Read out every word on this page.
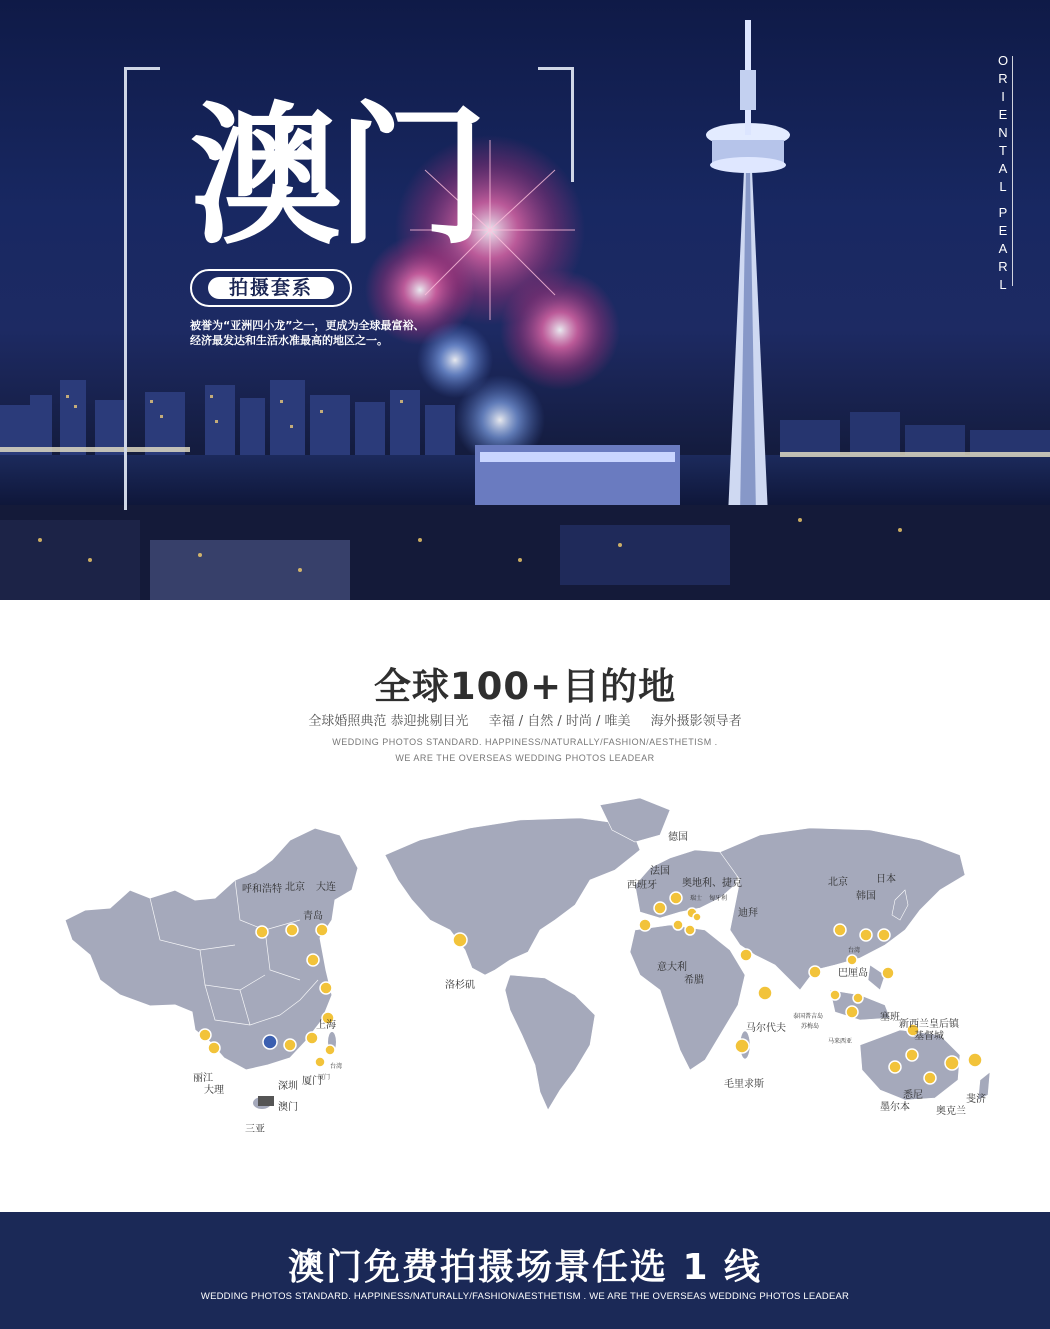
澳门
拍摄套系
被誉为“亚洲四小龙”之一，更成为全球最富裕、
经济最发达和生活水准最高的地区之一。
ORIENTAL
PEARL
全球100+目的地
全球婚照典范 恭迎挑剔目光 幸福 / 自然 / 时尚 / 唯美 海外摄影领导者
WEDDING PHOTOS STANDARD. HAPPINESS/NATURALLY/FASHION/AESTHETISM .
WE ARE THE OVERSEAS WEDDING PHOTOS LEADEAR
呼和浩特 北京 大连
青岛
上海
丽江
大理	深圳 厦门
澳门
三亚
台湾
厦门
德国
法国
西班牙	奥地利、捷克
瑞士 匈牙利
意大利
希腊
迪拜
洛杉矶
马尔代夫
毛里求斯
北京	日本
韩国
台湾
巴厘岛
泰国普吉岛
苏梅岛
马来西亚
塞班
新西兰皇后镇
基督城
墨尔本
悉尼
奥克兰
斐济
澳门免费拍摄场景任选 1 线
WEDDING PHOTOS STANDARD. HAPPINESS/NATURALLY/FASHION/AESTHETISM . WE ARE THE OVERSEAS WEDDING PHOTOS LEADEAR
